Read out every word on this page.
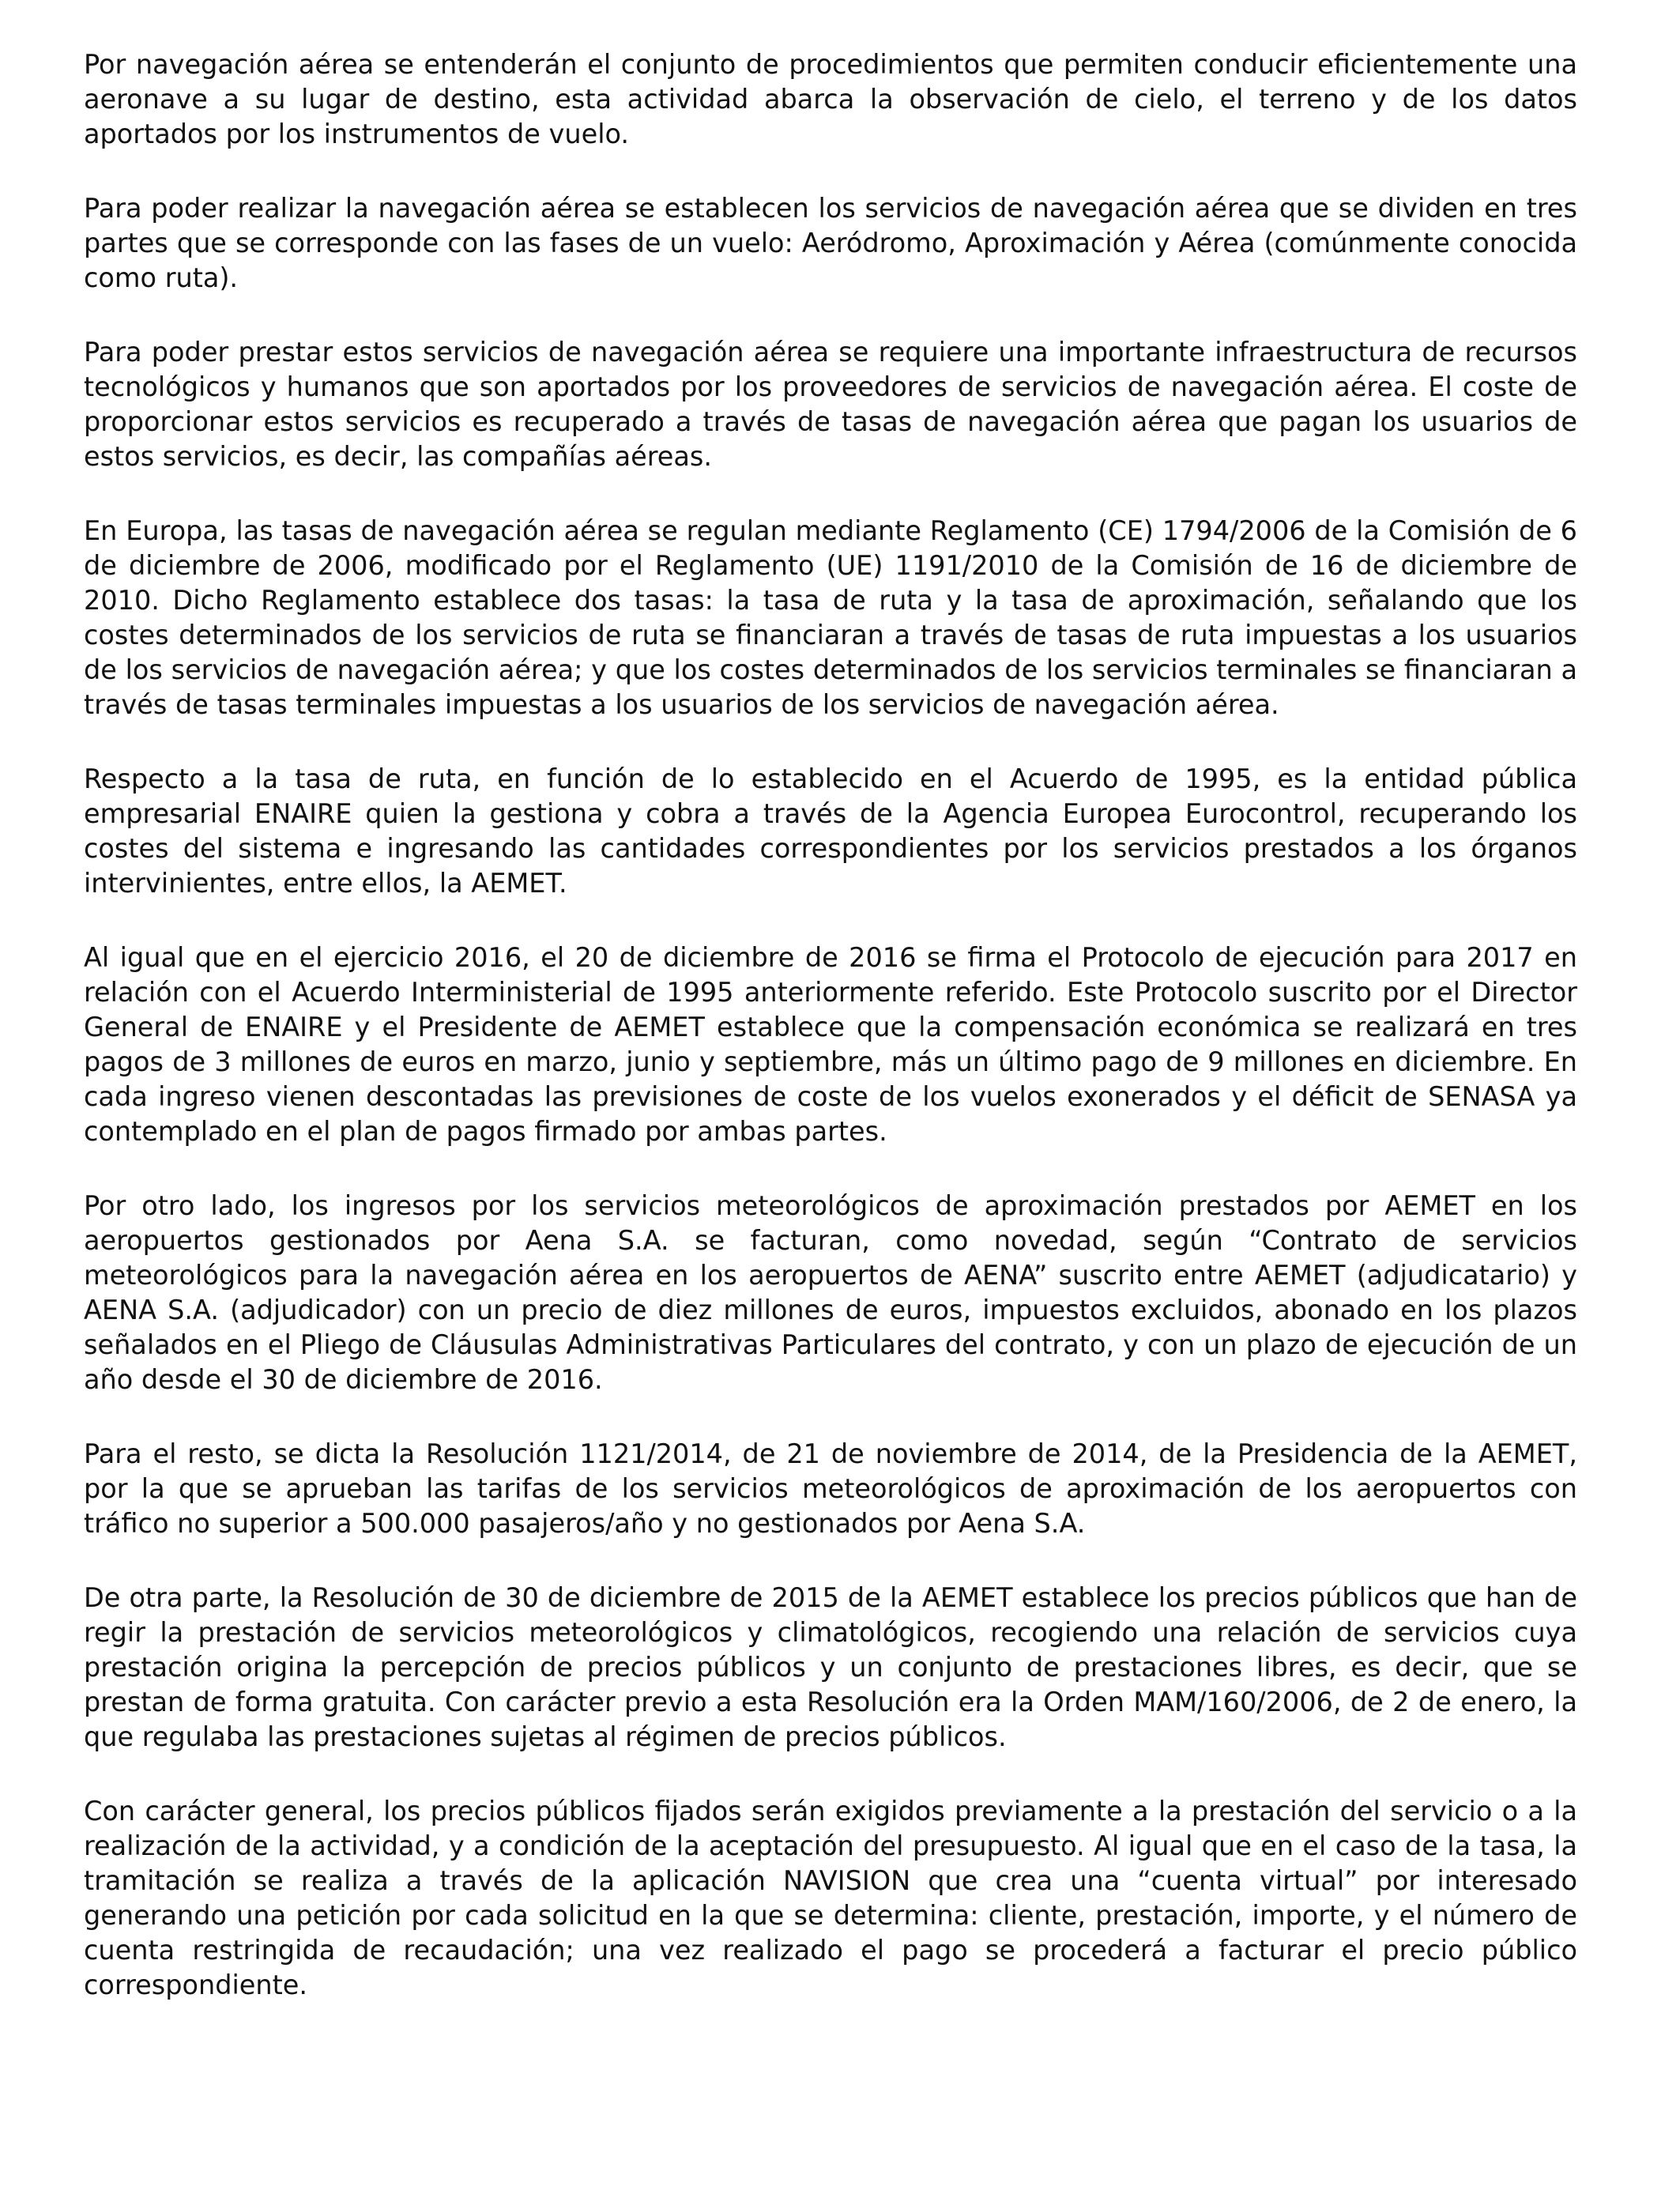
Por navegación aérea se entenderán el conjunto de procedimientos que permiten conducir eficientemente una aeronave a su lugar de destino, esta actividad abarca la observación de cielo, el terreno y de los datos aportados por los instrumentos de vuelo.

Para poder realizar la navegación aérea se establecen los servicios de navegación aérea que se dividen en tres partes que se corresponde con las fases de un vuelo: Aeródromo, Aproximación y Aérea (comúnmente conocida como ruta).

Para poder prestar estos servicios de navegación aérea se requiere una importante infraestructura de recursos tecnológicos y humanos que son aportados por los proveedores de servicios de navegación aérea. El coste de proporcionar estos servicios es recuperado a través de tasas de navegación aérea que pagan los usuarios de estos servicios, es decir, las compañías aéreas.

En Europa, las tasas de navegación aérea se regulan mediante Reglamento (CE) 1794/2006 de la Comisión de 6 de diciembre de 2006, modificado por el Reglamento (UE) 1191/2010 de la Comisión de 16 de diciembre de 2010. Dicho Reglamento establece dos tasas: la tasa de ruta y la tasa de aproximación, señalando que los costes determinados de los servicios de ruta se financiaran a través de tasas de ruta impuestas a los usuarios de los servicios de navegación aérea; y que los costes determinados de los servicios terminales se financiaran a través de tasas terminales impuestas a los usuarios de los servicios de navegación aérea.

Respecto a la tasa de ruta, en función de lo establecido en el Acuerdo de 1995, es la entidad pública empresarial ENAIRE quien la gestiona y cobra a través de la Agencia Europea Eurocontrol, recuperando los costes del sistema e ingresando las cantidades correspondientes por los servicios prestados a los órganos intervinientes, entre ellos, la AEMET.

Al igual que en el ejercicio 2016, el 20 de diciembre de 2016 se firma el Protocolo de ejecución para 2017 en relación con el Acuerdo Interministerial de 1995 anteriormente referido. Este Protocolo suscrito por el Director General de ENAIRE y el Presidente de AEMET establece que la compensación económica se realizará en tres pagos de 3 millones de euros en marzo, junio y septiembre, más un último pago de 9 millones en diciembre. En cada ingreso vienen descontadas las previsiones de coste de los vuelos exonerados y el déficit de SENASA ya contemplado en el plan de pagos firmado por ambas partes.

Por otro lado, los ingresos por los servicios meteorológicos de aproximación prestados por AEMET en los aeropuertos gestionados por Aena S.A. se facturan, como novedad, según “Contrato de servicios meteorológicos para la navegación aérea en los aeropuertos de AENA” suscrito entre AEMET (adjudicatario) y AENA S.A. (adjudicador) con un precio de diez millones de euros, impuestos excluidos, abonado en los plazos señalados en el Pliego de Cláusulas Administrativas Particulares del contrato, y con un plazo de ejecución de un año desde el 30 de diciembre de 2016.

Para el resto, se dicta la Resolución 1121/2014, de 21 de noviembre de 2014, de la Presidencia de la AEMET, por la que se aprueban las tarifas de los servicios meteorológicos de aproximación de los aeropuertos con tráfico no superior a 500.000 pasajeros/año y no gestionados por Aena S.A.

De otra parte, la Resolución de 30 de diciembre de 2015 de la AEMET establece los precios públicos que han de regir la prestación de servicios meteorológicos y climatológicos, recogiendo una relación de servicios cuya prestación origina la percepción de precios públicos y un conjunto de prestaciones libres, es decir, que se prestan de forma gratuita. Con carácter previo a esta Resolución era la Orden MAM/160/2006, de 2 de enero, la que regulaba las prestaciones sujetas al régimen de precios públicos.

Con carácter general, los precios públicos fijados serán exigidos previamente a la prestación del servicio o a la realización de la actividad, y a condición de la aceptación del presupuesto. Al igual que en el caso de la tasa, la tramitación se realiza a través de la aplicación NAVISION que crea una “cuenta virtual” por interesado generando una petición por cada solicitud en la que se determina: cliente, prestación, importe, y el número de cuenta restringida de recaudación; una vez realizado el pago se procederá a facturar el precio público correspondiente.
